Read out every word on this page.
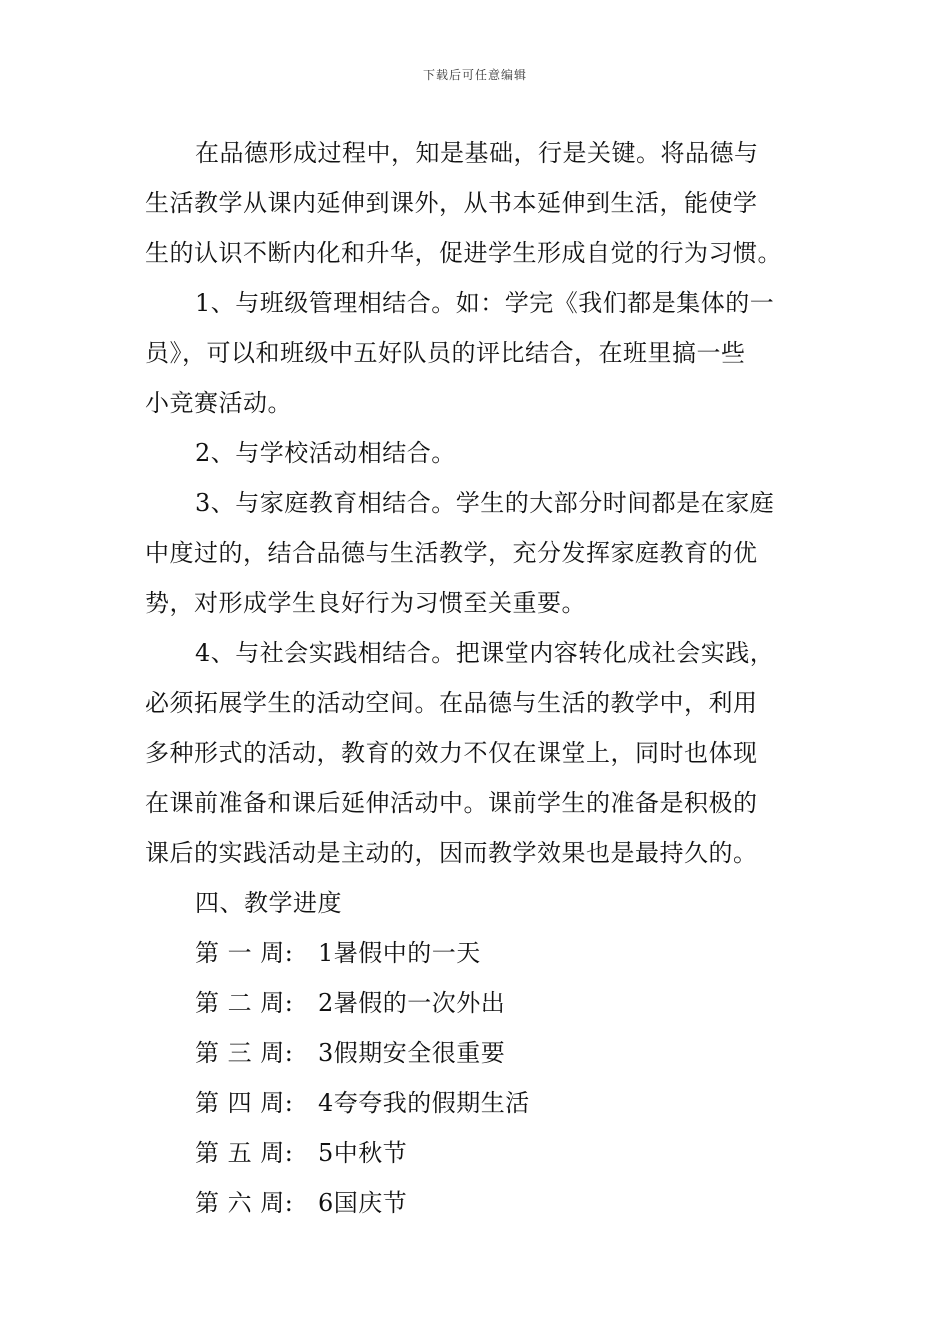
下载后可任意编辑

在品德形成过程中，知是基础，行是关键。将品德与

生活教学从课内延伸到课外，从书本延伸到生活，能使学

生的认识不断内化和升华，促进学生形成自觉的行为习惯。

1、与班级管理相结合。如：学完《我们都是集体的一

员》，可以和班级中五好队员的评比结合，在班里搞一些

小竞赛活动。

2、与学校活动相结合。

3、与家庭教育相结合。学生的大部分时间都是在家庭

中度过的，结合品德与生活教学，充分发挥家庭教育的优

势，对形成学生良好行为习惯至关重要。

4、与社会实践相结合。把课堂内容转化成社会实践，

必须拓展学生的活动空间。在品德与生活的教学中，利用

多种形式的活动，教育的效力不仅在课堂上，同时也体现

在课前准备和课后延伸活动中。课前学生的准备是积极的

课后的实践活动是主动的，因而教学效果也是最持久的。

四、教学进度

第 一 周: 1暑假中的一天

第 二 周: 2暑假的一次外出

第 三 周: 3假期安全很重要

第 四 周: 4夸夸我的假期生活

第 五 周: 5中秋节

第 六 周: 6国庆节
